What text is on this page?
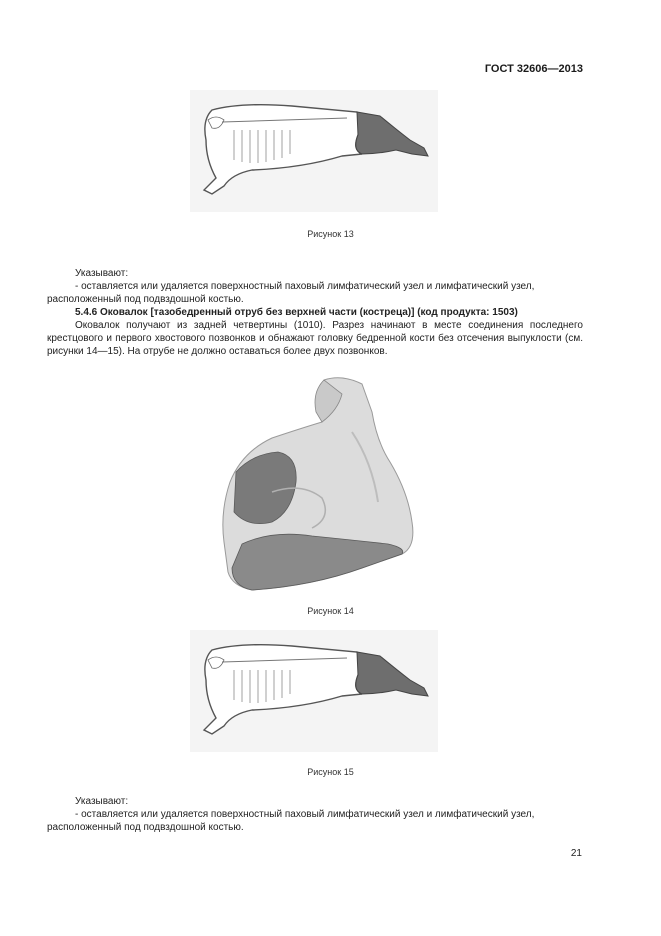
ГОСТ 32606—2013
Рисунок 13
Указывают:
- оставляется или удаляется поверхностный паховый лимфатический узел и лимфатический узел,
расположенный под подвздошной костью.
5.4.6 Оковалок [тазобедренный отруб без верхней части (костреца)] (код продукта: 1503)
Оковалок получают из задней четвертины (1010). Разрез начинают в месте соединения последнего крестцового и первого хвостового позвонков и обнажают головку бедренной кости без отсечения выпуклости (см. рисунки 14—15). На отрубе не должно оставаться более двух позвонков.
Рисунок 14
Рисунок 15
Указывают:
- оставляется или удаляется поверхностный паховый лимфатический узел и лимфатический узел,
расположенный под подвздошной костью.
21
